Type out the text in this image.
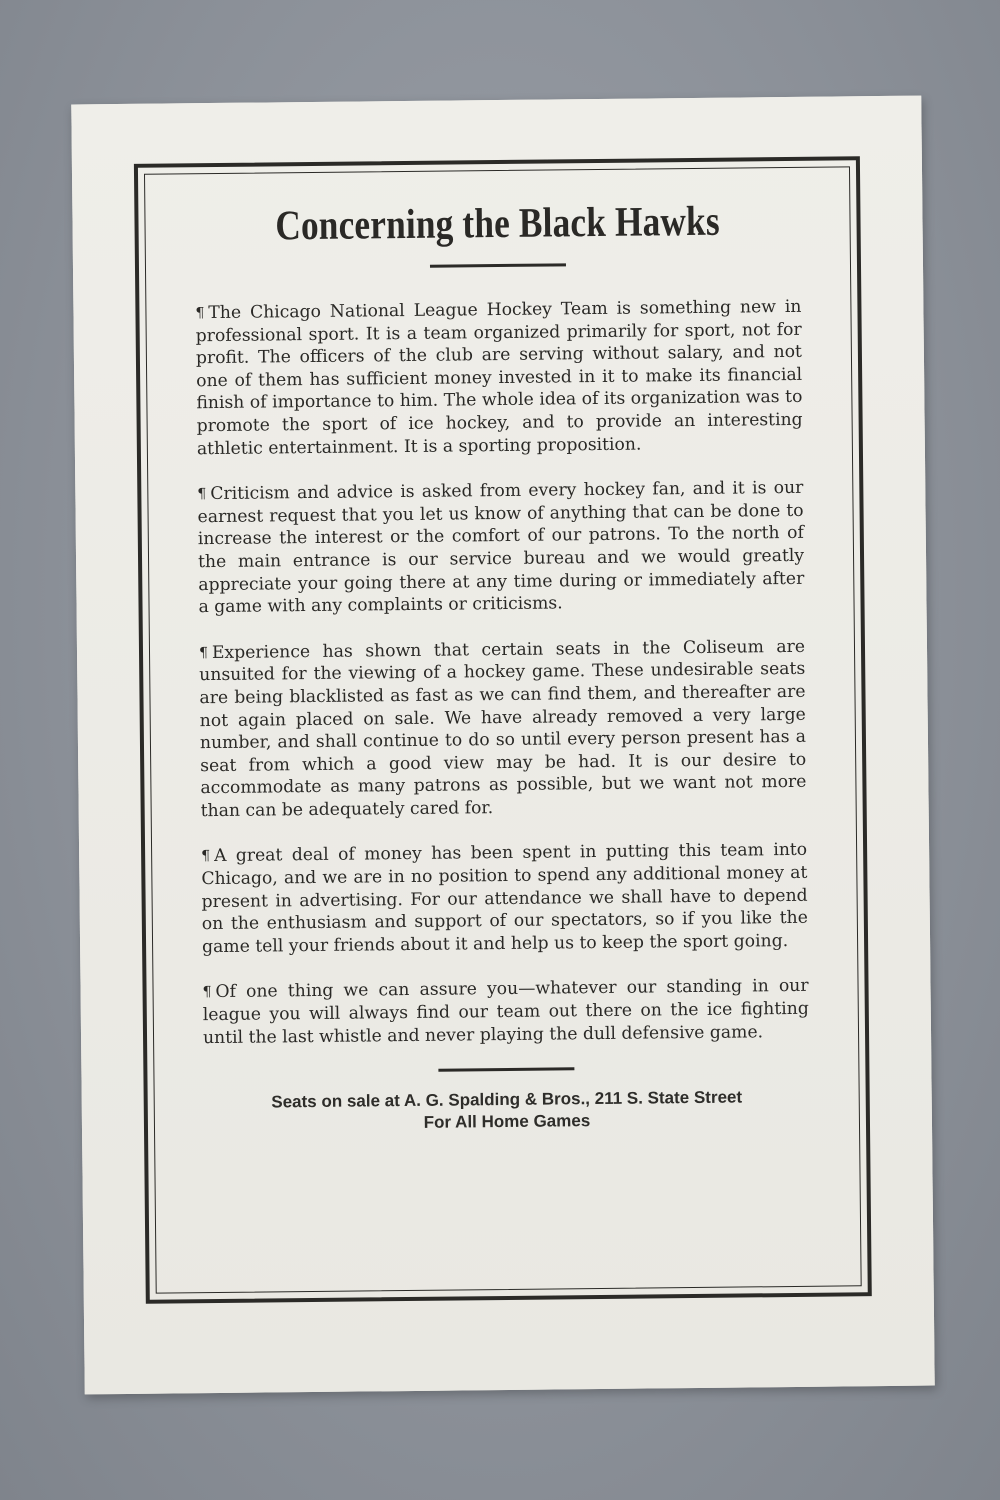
Concerning the Black Hawks

¶ The Chicago National League Hockey Team is something new in professional sport. It is a team organized primarily for sport, not for profit. The officers of the club are serving without salary, and not one of them has sufficient money invested in it to make its financial finish of importance to him. The whole idea of its organization was to promote the sport of ice hockey, and to provide an interesting athletic entertainment. It is a sporting proposition.

¶ Criticism and advice is asked from every hockey fan, and it is our earnest request that you let us know of anything that can be done to increase the interest or the comfort of our patrons. To the north of the main entrance is our service bureau and we would greatly appreciate your going there at any time during or immediately after a game with any complaints or criticisms.

¶ Experience has shown that certain seats in the Coliseum are unsuited for the viewing of a hockey game. These undesirable seats are being blacklisted as fast as we can find them, and thereafter are not again placed on sale. We have already removed a very large number, and shall continue to do so until every person present has a seat from which a good view may be had. It is our desire to accommodate as many patrons as possible, but we want not more than can be adequately cared for.

¶ A great deal of money has been spent in putting this team into Chicago, and we are in no position to spend any additional money at present in advertising. For our attendance we shall have to depend on the enthusiasm and support of our spectators, so if you like the game tell your friends about it and help us to keep the sport going.

¶ Of one thing we can assure you—whatever our standing in our league you will always find our team out there on the ice fighting until the last whistle and never playing the dull defensive game.

Seats on sale at A. G. Spalding & Bros., 211 S. State Street
For All Home Games
